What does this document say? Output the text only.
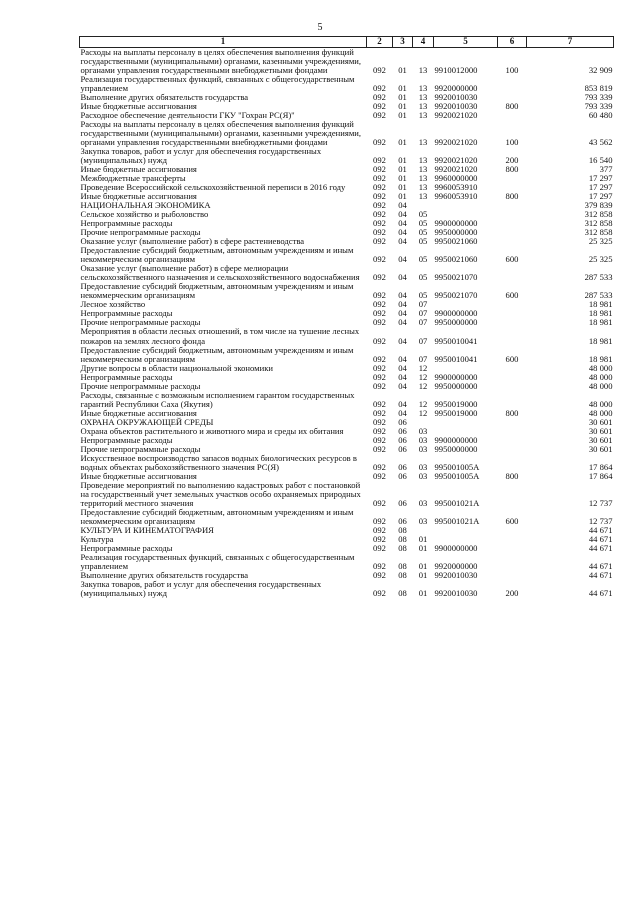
5
1	2	3	4	5	6	7
Расходы на выплаты персоналу в целях обеспечения выполнения функций государственными (муниципальными) органами, казенными учреждениями, органами управления государственными внебюджетными фондами	092	01	13	9910012000	100	32 909
Реализация государственных функций, связанных с общегосударственным управлением	092	01	13	9920000000		853 819
Выполнение других обязательств государства	092	01	13	9920010030		793 339
Иные бюджетные ассигнования	092	01	13	9920010030	800	793 339
Расходное обеспечение деятельности ГКУ "Гохран РС(Я)"	092	01	13	9920021020		60 480
Расходы на выплаты персоналу в целях обеспечения выполнения функций государственными (муниципальными) органами, казенными учреждениями, органами управления государственными внебюджетными фондами	092	01	13	9920021020	100	43 562
Закупка товаров, работ и услуг для обеспечения государственных (муниципальных) нужд	092	01	13	9920021020	200	16 540
Иные бюджетные ассигнования	092	01	13	9920021020	800	377
Межбюджетные трансферты	092	01	13	9960000000		17 297
Проведение Всероссийской сельскохозяйственной переписи в 2016 году	092	01	13	9960053910		17 297
Иные бюджетные ассигнования	092	01	13	9960053910	800	17 297
НАЦИОНАЛЬНАЯ ЭКОНОМИКА	092	04				379 839
Сельское хозяйство и рыболовство	092	04	05			312 858
Непрограммные расходы	092	04	05	9900000000		312 858
Прочие непрограммные расходы	092	04	05	9950000000		312 858
Оказание услуг (выполнение работ) в сфере растениеводства	092	04	05	9950021060		25 325
Предоставление субсидий бюджетным, автономным учреждениям и иным некоммерческим организациям	092	04	05	9950021060	600	25 325
Оказание услуг (выполнение работ) в сфере мелиорации сельскохозяйственного назначения и сельскохозяйственного водоснабжения	092	04	05	9950021070		287 533
Предоставление субсидий бюджетным, автономным учреждениям и иным некоммерческим организациям	092	04	05	9950021070	600	287 533
Лесное хозяйство	092	04	07			18 981
Непрограммные расходы	092	04	07	9900000000		18 981
Прочие непрограммные расходы	092	04	07	9950000000		18 981
Мероприятия в области лесных отношений, в том числе на тушение лесных пожаров на землях лесного фонда	092	04	07	9950010041		18 981
Предоставление субсидий бюджетным, автономным учреждениям и иным некоммерческим организациям	092	04	07	9950010041	600	18 981
Другие вопросы в области национальной экономики	092	04	12			48 000
Непрограммные расходы	092	04	12	9900000000		48 000
Прочие непрограммные расходы	092	04	12	9950000000		48 000
Расходы, связанные с возможным исполнением гарантом государственных гарантий Республики Саха (Якутия)	092	04	12	9950019000		48 000
Иные бюджетные ассигнования	092	04	12	9950019000	800	48 000
ОХРАНА ОКРУЖАЮЩЕЙ СРЕДЫ	092	06				30 601
Охрана объектов растительного и животного мира и среды их обитания	092	06	03			30 601
Непрограммные расходы	092	06	03	9900000000		30 601
Прочие непрограммные расходы	092	06	03	9950000000		30 601
Искусственное воспроизводство запасов водных биологических ресурсов в водных объектах рыбохозяйственного значения РС(Я)	092	06	03	995001005А		17 864
Иные бюджетные ассигнования	092	06	03	995001005А	800	17 864
Проведение мероприятий по выполнению кадастровых работ с постановкой на государственный учет земельных участков особо охраняемых природных территорий местного значения	092	06	03	995001021А		12 737
Предоставление субсидий бюджетным, автономным учреждениям и иным некоммерческим организациям	092	06	03	995001021А	600	12 737
КУЛЬТУРА И КИНЕМАТОГРАФИЯ	092	08				44 671
Культура	092	08	01			44 671
Непрограммные расходы	092	08	01	9900000000		44 671
Реализация государственных функций, связанных с общегосударственным управлением	092	08	01	9920000000		44 671
Выполнение других обязательств государства	092	08	01	9920010030		44 671
Закупка товаров, работ и услуг для обеспечения государственных (муниципальных) нужд	092	08	01	9920010030	200	44 671
